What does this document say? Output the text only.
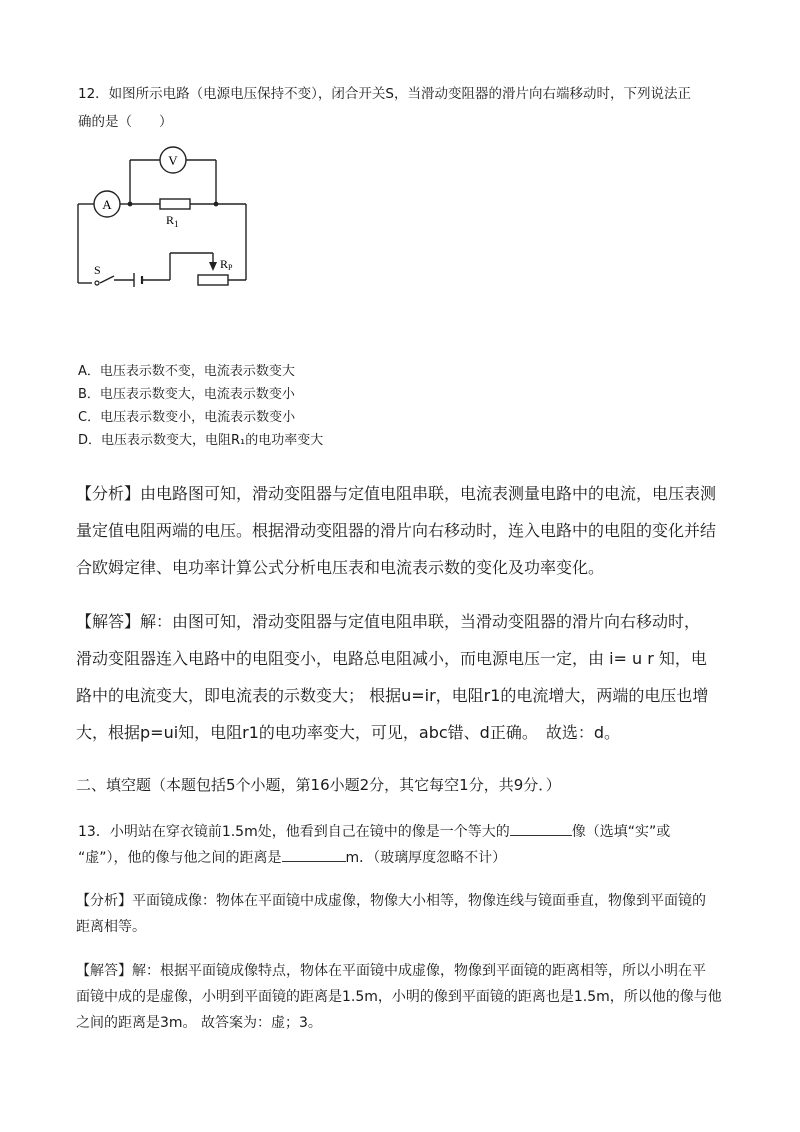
12．如图所示电路（电源电压保持不变），闭合开关S，当滑动变阻器的滑片向右端移动时，下列说法正
确的是（　　）
A
V
$R_1$
S	RP
A．电压表示数不变，电流表示数变大
B．电压表示数变大，电流表示数变小
C．电压表示数变小，电流表示数变小
D．电压表示数变大，电阻R₁的电功率变大
【分析】由电路图可知，滑动变阻器与定值电阻串联，电流表测量电路中的电流，电压表测
量定值电阻两端的电压。根据滑动变阻器的滑片向右移动时，连入电路中的电阻的变化并结
合欧姆定律、电功率计算公式分析电压表和电流表示数的变化及功率变化。
【解答】解：由图可知，滑动变阻器与定值电阻串联，当滑动变阻器的滑片向右移动时，
滑动变阻器连入电路中的电阻变小，电路总电阻减小，而电源电压一定，由 i= u r 知，电
路中的电流变大，即电流表的示数变大； 根据u=ir，电阻r1的电流增大，两端的电压也增
大，根据p=ui知，电阻r1的电功率变大，可见，abc错、d正确。　故选：d。
二、填空题（本题包括5个小题，第16小题2分，其它每空1分，共9分．）
13．小明站在穿衣镜前1.5m处，他看到自己在镜中的像是一个等大的	像（选填“实”或
“虚”），他的像与他之间的距离是	m．（玻璃厚度忽略不计）
【分析】平面镜成像：物体在平面镜中成虚像，物像大小相等，物像连线与镜面垂直，物像到平面镜的
距离相等。
【解答】解：根据平面镜成像特点，物体在平面镜中成虚像，物像到平面镜的距离相等，所以小明在平
面镜中成的是虚像，小明到平面镜的距离是1.5m，小明的像到平面镜的距离也是1.5m，所以他的像与他
之间的距离是3m。 故答案为：虚；3。
